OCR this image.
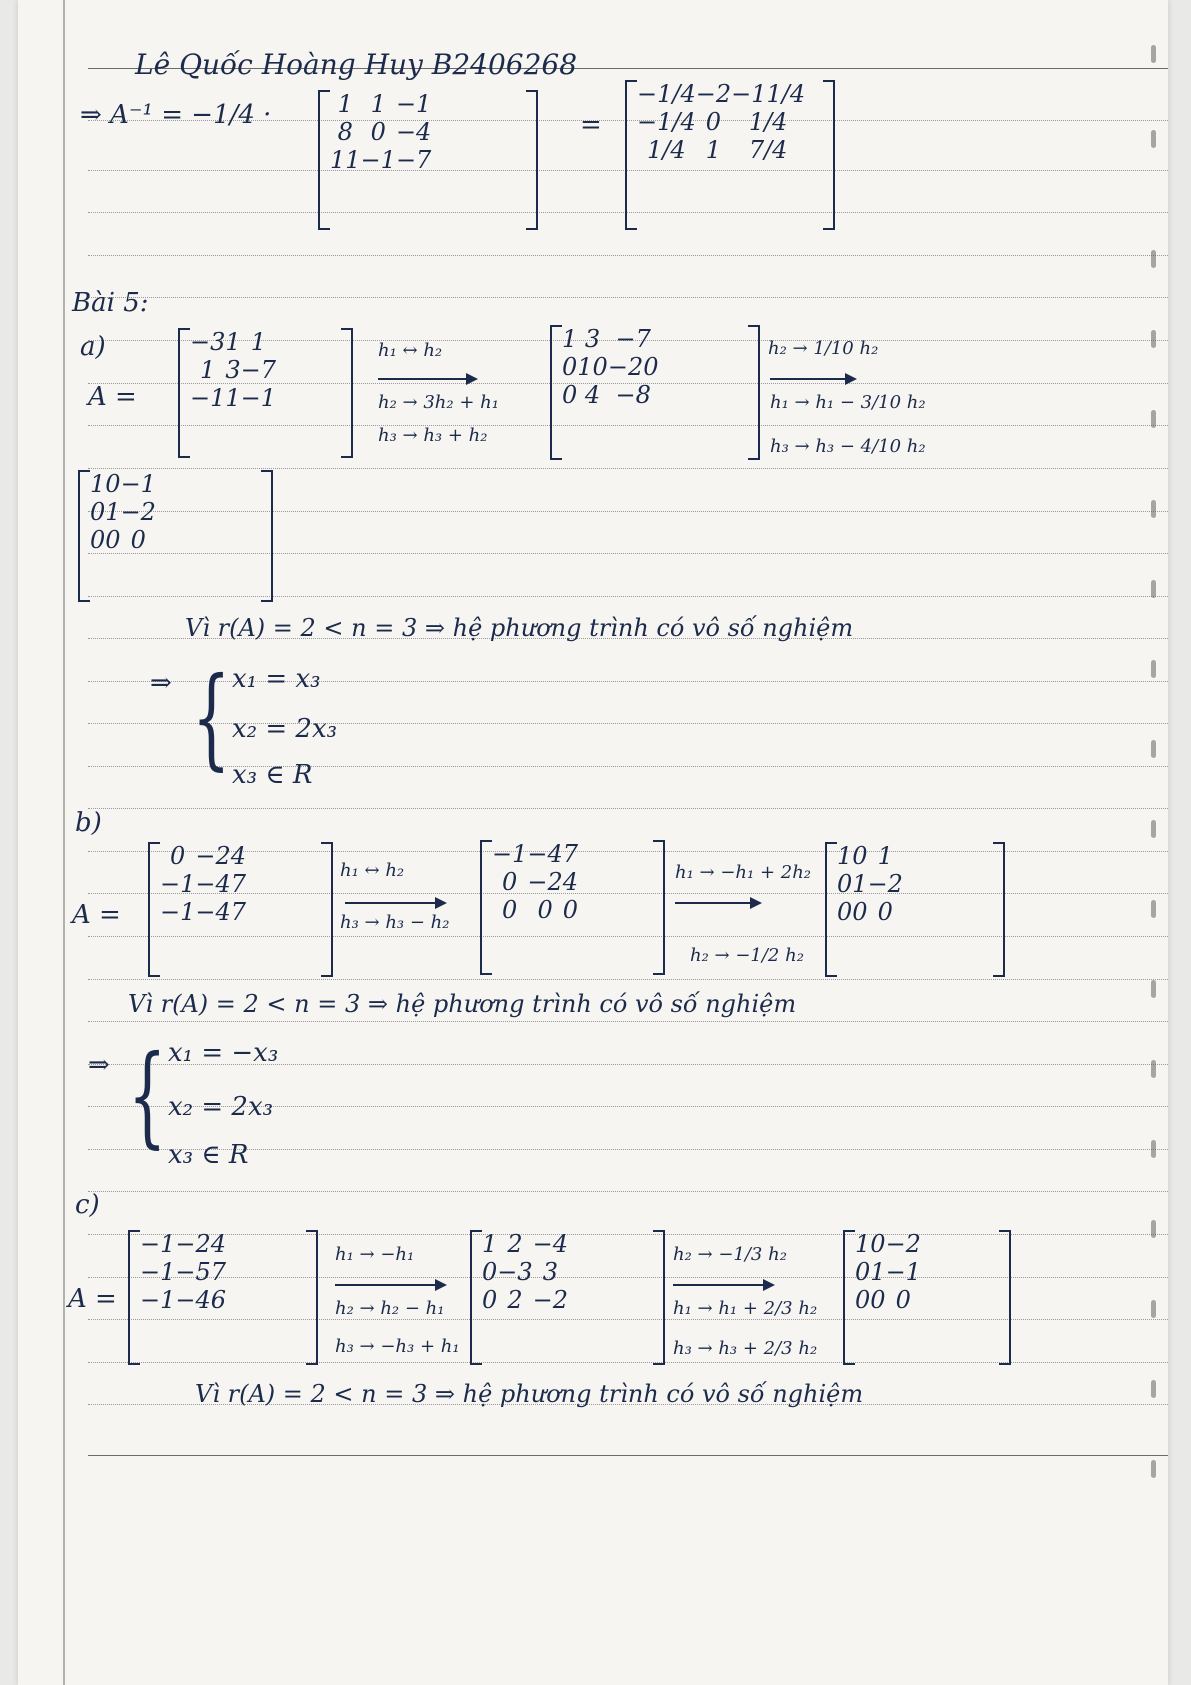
Lê Quốc Hoàng Huy B2406268
⇒ A⁻¹ = −1/4 ·	1	1	−1
8	0	−4
11	−1	−7
=
−1/4	−2	−11/4
−1/4	0	1/4
1/4	1	7/4
Bài 5:
a)
A =
−3	1	1
1	3	−7
−1	1	−1
h₁ ↔ h₂
h₂ → 3h₂ + h₁
h₃ → h₃ + h₂
1	3	−7
0	10	−20
0	4	−8
h₂ → 1/10 h₂
h₁ → h₁ − 3/10 h₂
h₃ → h₃ − 4/10 h₂
1	0	−1
0	1	−2
0	0	0
Vì r(A) = 2 < n = 3 ⇒ hệ phương trình có vô số nghiệm
⇒ { x₁ = x₃
x₂ = 2x₃
x₃ ∈ R
b)
A =
0	−2	4
−1	−4	7
−1	−4	7
h₁ ↔ h₂
h₃ → h₃ − h₂
−1	−4	7
0	−2	4
0	0	0
h₁ → −h₁ + 2h₂
h₂ → −1/2 h₂
1	0	1
0	1	−2
0	0	0
Vì r(A) = 2 < n = 3 ⇒ hệ phương trình có vô số nghiệm
⇒ { x₁ = −x₃
x₂ = 2x₃
x₃ ∈ R
c)
A =
−1	−2	4
−1	−5	7
−1	−4	6
h₁ → −h₁
h₂ → h₂ − h₁
h₃ → −h₃ + h₁
1	2	−4
0	−3	3
0	2	−2
h₂ → −1/3 h₂
h₁ → h₁ + 2/3 h₂
h₃ → h₃ + 2/3 h₂
1	0	−2
0	1	−1
0	0	0
Vì r(A) = 2 < n = 3 ⇒ hệ phương trình có vô số nghiệm
